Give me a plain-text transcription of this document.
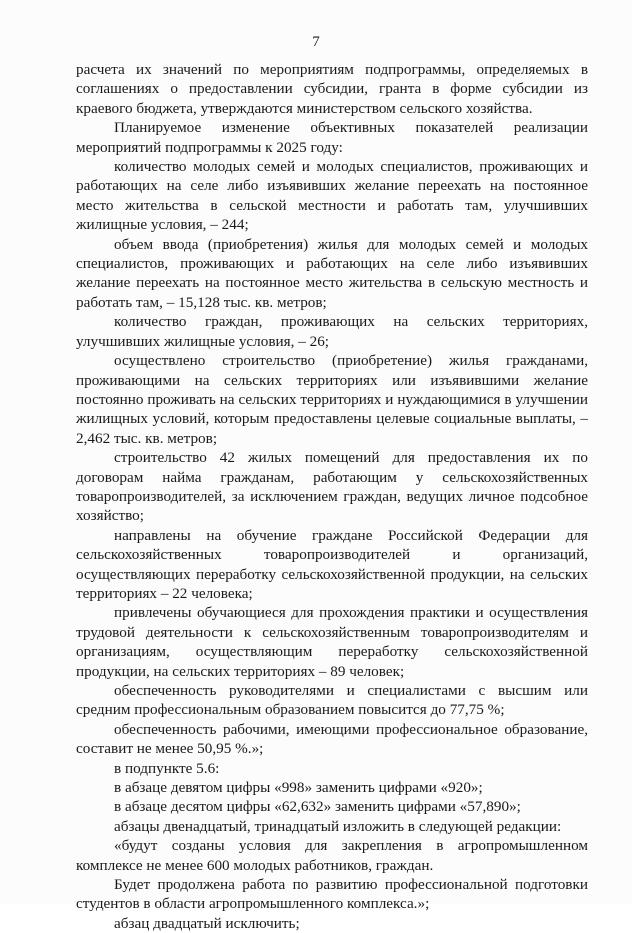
7

расчета их значений по мероприятиям подпрограммы, определяемых в соглашениях о предоставлении субсидии, гранта в форме субсидии из краевого бюджета, утверждаются министерством сельского хозяйства.

Планируемое изменение объективных показателей реализации мероприятий подпрограммы к 2025 году:

количество молодых семей и молодых специалистов, проживающих и работающих на селе либо изъявивших желание переехать на постоянное место жительства в сельской местности и работать там, улучшивших жилищные условия, – 244;

объем ввода (приобретения) жилья для молодых семей и молодых специалистов, проживающих и работающих на селе либо изъявивших желание переехать на постоянное место жительства в сельскую местность и работать там, – 15,128 тыс. кв. метров;

количество граждан, проживающих на сельских территориях, улучшивших жилищные условия, – 26;

осуществлено строительство (приобретение) жилья гражданами, проживающими на сельских территориях или изъявившими желание постоянно проживать на сельских территориях и нуждающимися в улучшении жилищных условий, которым предоставлены целевые социальные выплаты, – 2,462 тыс. кв. метров;

строительство 42 жилых помещений для предоставления их по договорам найма гражданам, работающим у сельскохозяйственных товаропроизводителей, за исключением граждан, ведущих личное подсобное хозяйство;

направлены на обучение граждане Российской Федерации для сельскохозяйственных товаропроизводителей и организаций, осуществляющих переработку сельскохозяйственной продукции, на сельских территориях – 22 человека;

привлечены обучающиеся для прохождения практики и осуществления трудовой деятельности к сельскохозяйственным товаропроизводителям и организациям, осуществляющим переработку сельскохозяйственной продукции, на сельских территориях – 89 человек;

обеспеченность руководителями и специалистами с высшим или средним профессиональным образованием повысится до 77,75 %;

обеспеченность рабочими, имеющими профессиональное образование, составит не менее 50,95 %.»;

в подпункте 5.6:

в абзаце девятом цифры «998» заменить цифрами «920»;

в абзаце десятом цифры «62,632» заменить цифрами «57,890»;

абзацы двенадцатый, тринадцатый изложить в следующей редакции:

«будут созданы условия для закрепления в агропромышленном комплексе не менее 600 молодых работников, граждан.

Будет продолжена работа по развитию профессиональной подготовки студентов в области агропромышленного комплекса.»;

абзац двадцатый исключить;
